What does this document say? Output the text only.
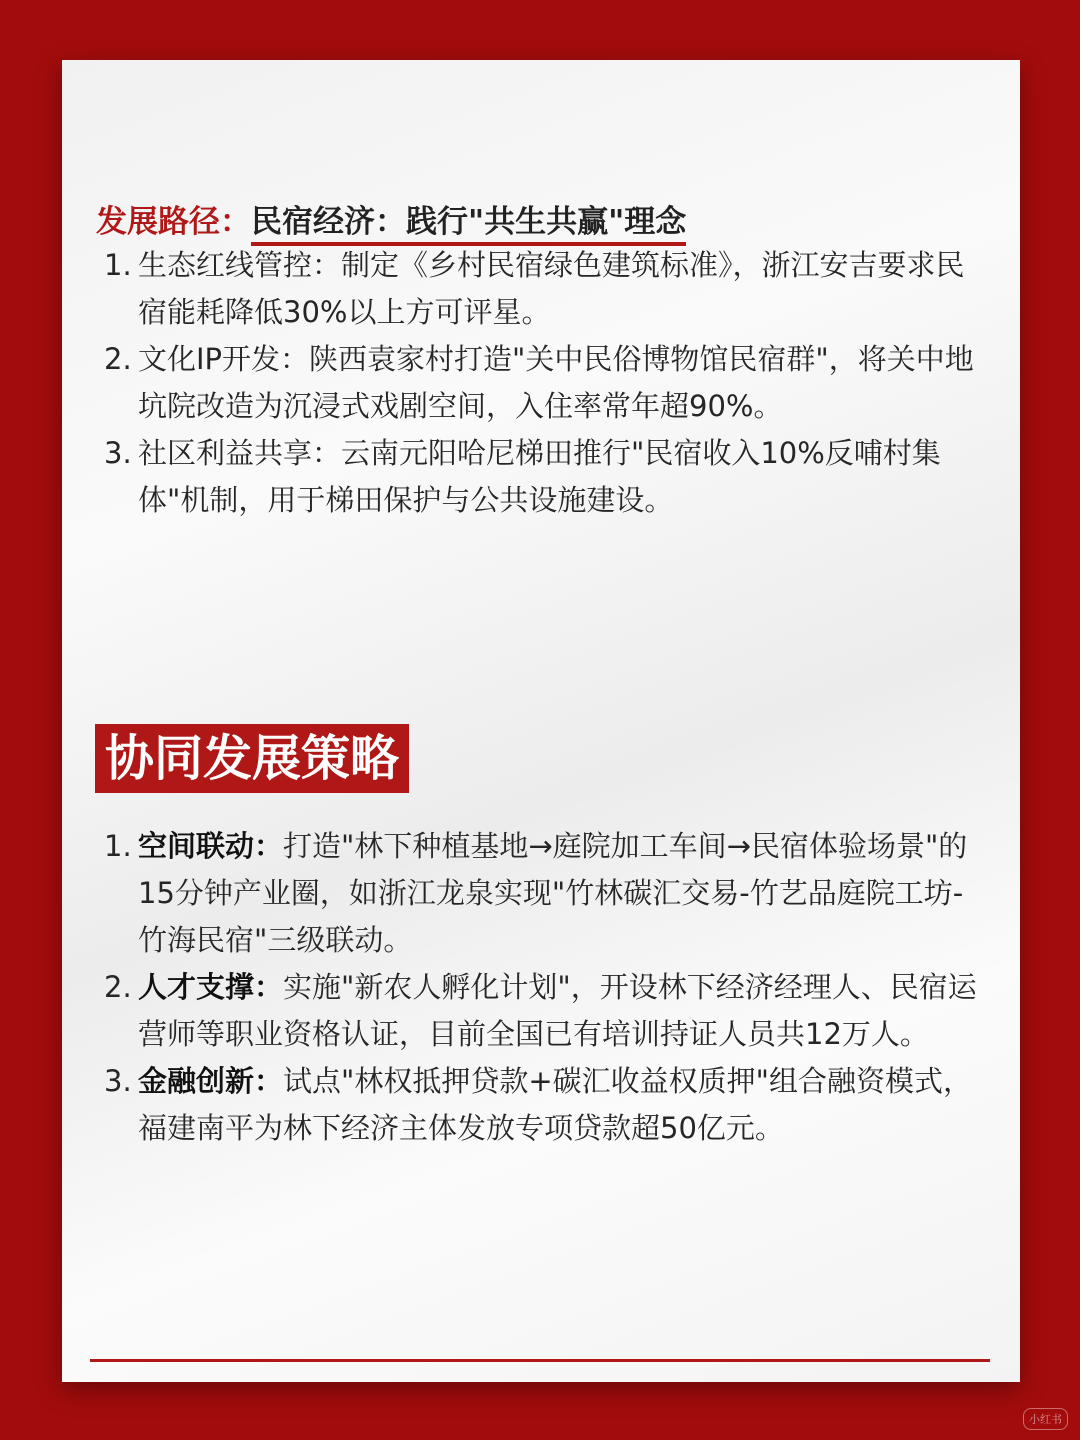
发展路径：民宿经济：践行"共生共赢"理念
1. 生态红线管控：制定《乡村民宿绿色建筑标准》，浙江安吉要求民宿能耗降低30%以上方可评星。
2. 文化IP开发：陕西袁家村打造"关中民俗博物馆民宿群"，将关中地坑院改造为沉浸式戏剧空间，入住率常年超90%。
3. 社区利益共享：云南元阳哈尼梯田推行"民宿收入10%反哺村集体"机制，用于梯田保护与公共设施建设。
协同发展策略
1. 空间联动：打造"林下种植基地→庭院加工车间→民宿体验场景"的15分钟产业圈，如浙江龙泉实现"竹林碳汇交易-竹艺品庭院工坊-竹海民宿"三级联动。
2. 人才支撑：实施"新农人孵化计划"，开设林下经济经理人、民宿运营师等职业资格认证，目前全国已有培训持证人员共12万人。
3. 金融创新：试点"林权抵押贷款+碳汇收益权质押"组合融资模式，福建南平为林下经济主体发放专项贷款超50亿元。
小红书
